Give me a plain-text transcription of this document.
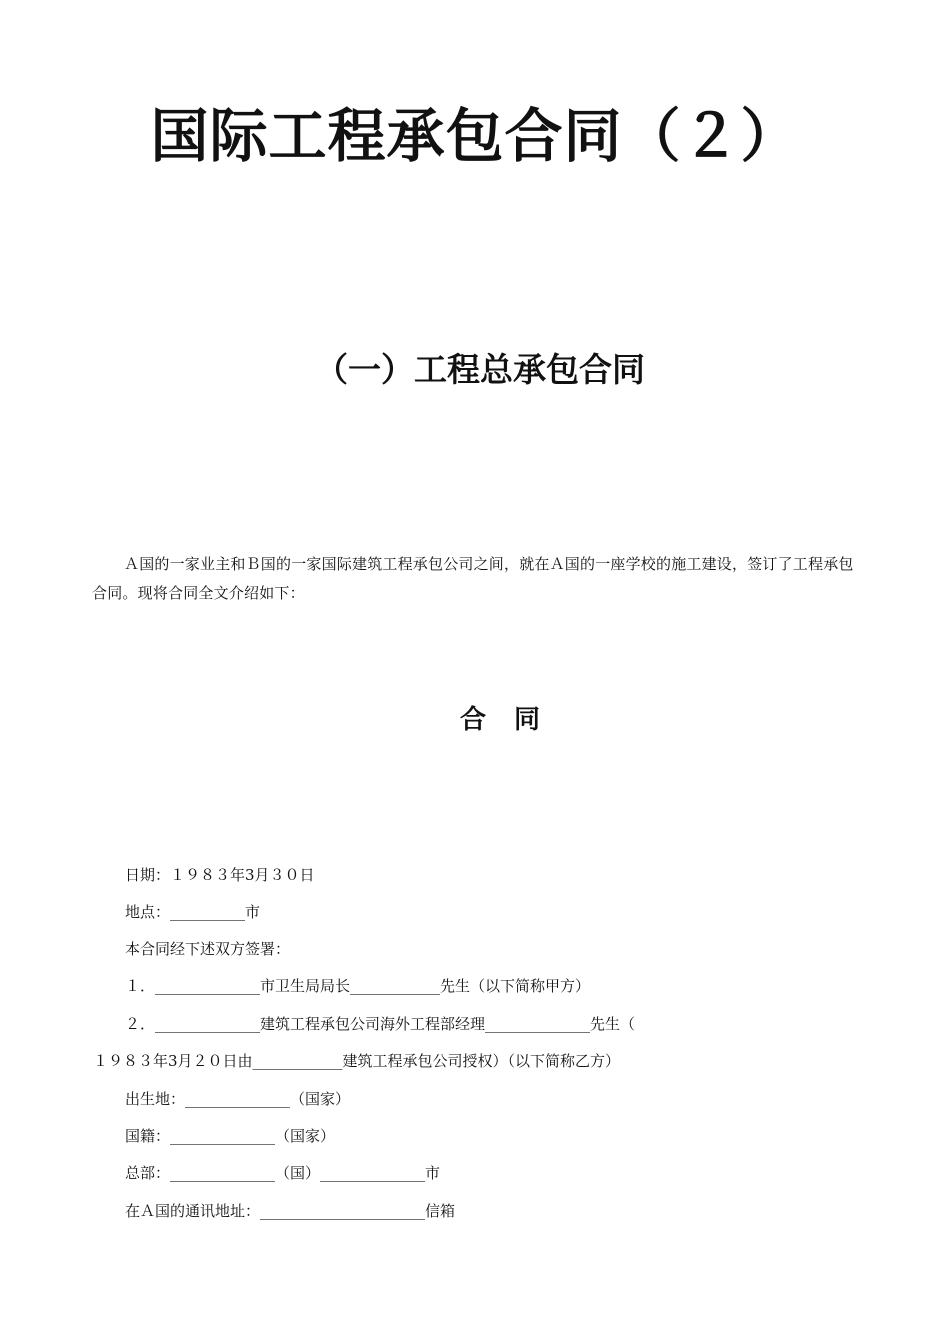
国际工程承包合同（２）
（一）工程总承包合同
Ａ国的一家业主和Ｂ国的一家国际建筑工程承包公司之间，就在Ａ国的一座学校的施工建设，签订了工程承包合同。现将合同全文介绍如下：
合同
日期：１９８３年3月３０日
地点：__________市
本合同经下述双方签署：
１．______________市卫生局局长____________先生（以下简称甲方）
２．______________建筑工程承包公司海外工程部经理______________先生（
１９８３年3月２０日由____________建筑工程承包公司授权）（以下简称乙方）
出生地：______________（国家）
国籍：______________（国家）
总部：______________（国）______________市
在Ａ国的通讯地址：______________________信箱
